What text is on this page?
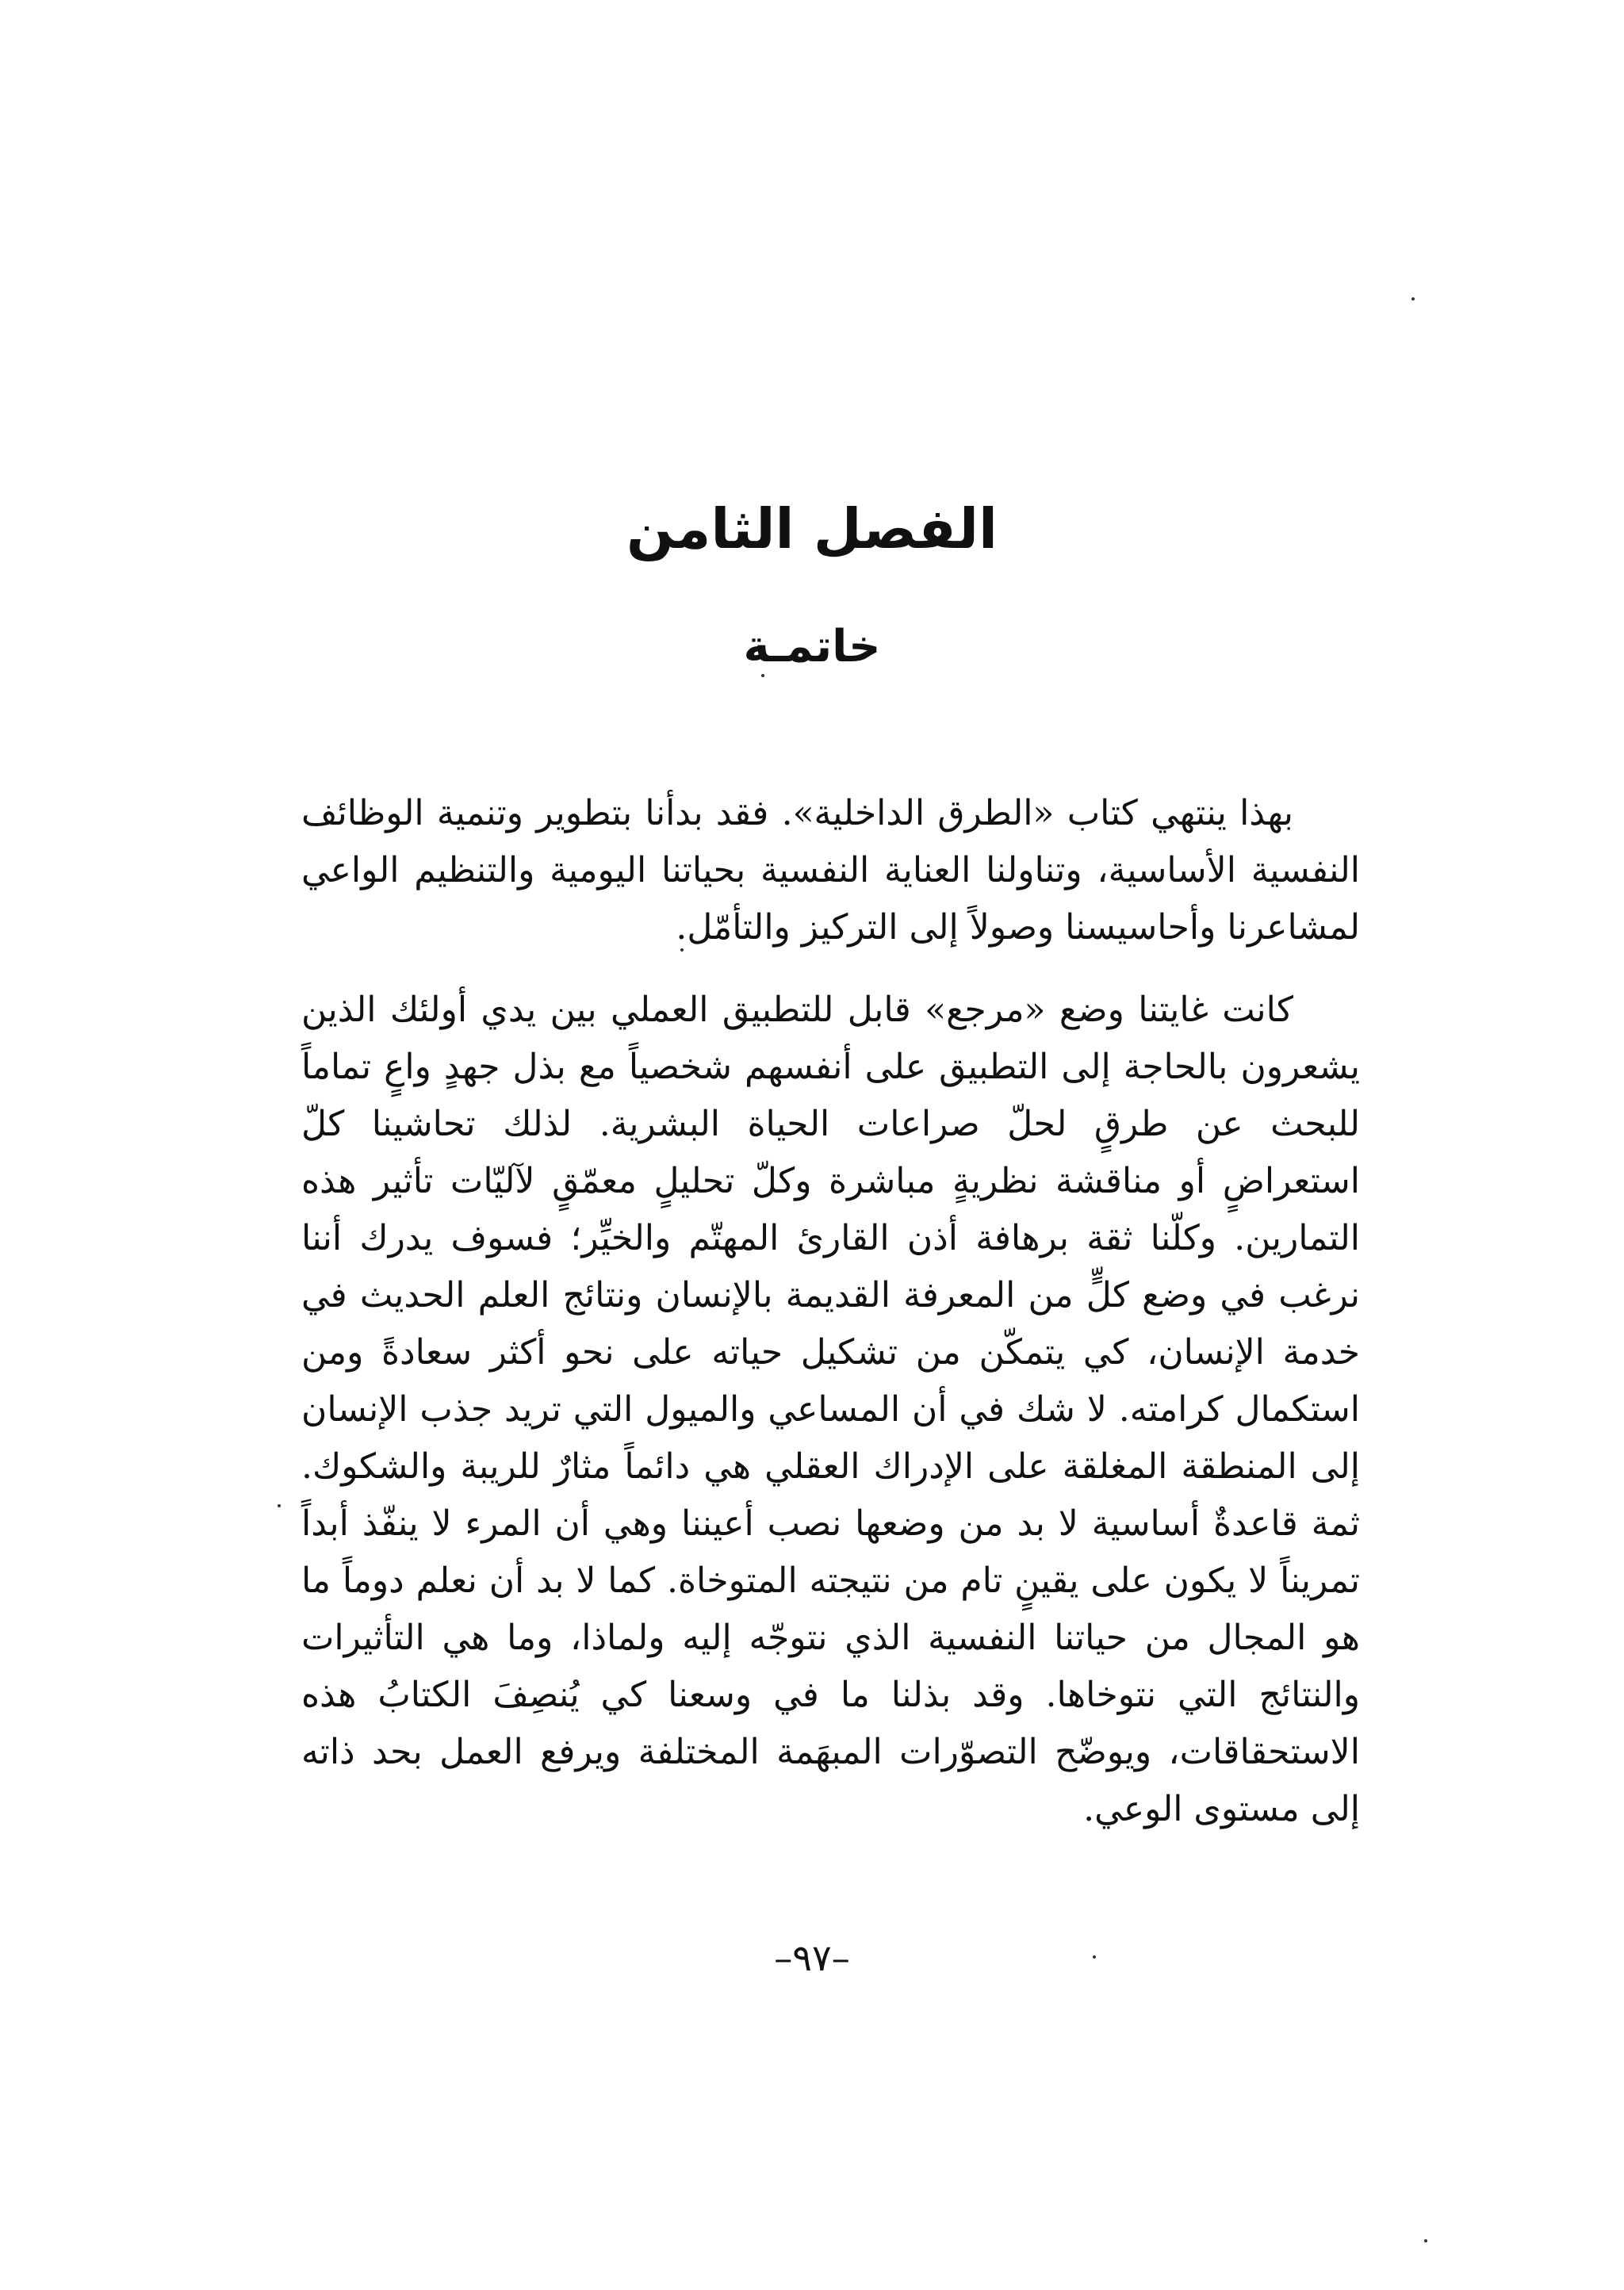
الفصل الثامن
خاتمـة

بهذا ينتهي كتاب «الطرق الداخلية». فقد بدأنا بتطوير وتنمية الوظائف النفسية الأساسية، وتناولنا العناية النفسية بحياتنا اليومية والتنظيم الواعي لمشاعرنا وأحاسيسنا وصولاً إلى التركيز والتأمّل.

كانت غايتنا وضع «مرجع» قابل للتطبيق العملي بين يدي أولئك الذين يشعرون بالحاجة إلى التطبيق على أنفسهم شخصياً مع بذل جهدٍ واعٍ تماماً للبحث عن طرقٍ لحلّ صراعات الحياة البشرية. لذلك تحاشينا كلّ استعراضٍ أو مناقشة نظريةٍ مباشرة وكلّ تحليلٍ معمّقٍ لآليّات تأثير هذه التمارين. وكلّنا ثقة برهافة أذن القارئ المهتّم والخيِّر؛ فسوف يدرك أننا نرغب في وضع كلٍّ من المعرفة القديمة بالإنسان ونتائج العلم الحديث في خدمة الإنسان، كي يتمكّن من تشكيل حياته على نحو أكثر سعادةً ومن استكمال كرامته. لا شك في أن المساعي والميول التي تريد جذب الإنسان إلى المنطقة المغلقة على الإدراك العقلي هي دائماً مثارٌ للريبة والشكوك. ثمة قاعدةٌ أساسية لا بد من وضعها نصب أعيننا وهي أن المرء لا ينفّذ أبداً تمريناً لا يكون على يقينٍ تام من نتيجته المتوخاة. كما لا بد أن نعلم دوماً ما هو المجال من حياتنا النفسية الذي نتوجّه إليه ولماذا، وما هي التأثيرات والنتائج التي نتوخاها. وقد بذلنا ما في وسعنا كي يُنصِفَ الكتابُ هذه الاستحقاقات، ويوضّح التصوّرات المبهَمة المختلفة ويرفع العمل بحد ذاته إلى مستوى الوعي.

–٩٧–
